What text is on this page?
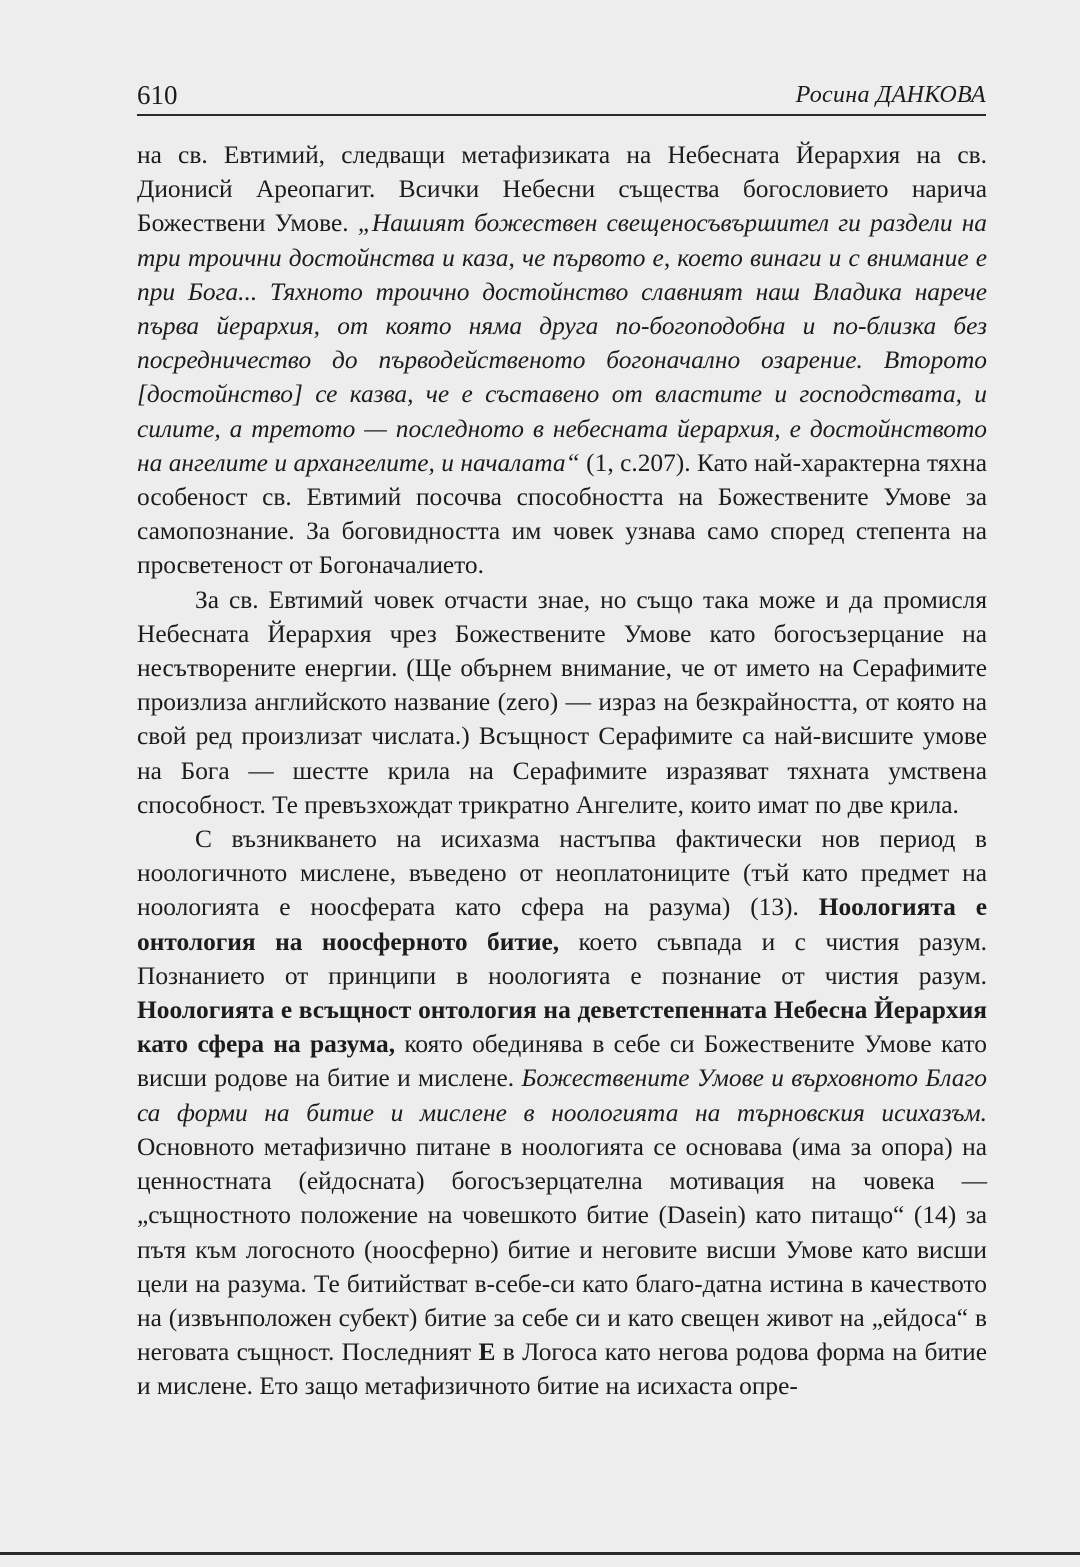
610	Росина ДАНКОВА

на св. Евтимий, следващи метафизиката на Небесната Йерархия на св. Дионисй Ареопагит. Всички Небесни същества богословието нарича Божествени Умове. „Нашият божествен свещеносъвършител ги раздели на три троични достойнства и каза, че първото е, което винаги и с внимание е при Бога... Тяхното троично достойнство славният наш Владика нарече първа йерархия, от която няма друга по-богоподобна и по-близка без посредничество до първодейственото богоначално озарение. Второто [достойнство] се казва, че е съставено от властите и господствата, и силите, а третото — последното в небесната йерархия, е достойнството на ангелите и архангелите, и началата“ (1, с.207). Като най-характерна тяхна особеност св. Евтимий посочва способността на Божествените Умове за самопознание. За боговидността им човек узнава само според степента на просветеност от Богоначалието.

За св. Евтимий човек отчасти знае, но също така може и да промисля Небесната Йерархия чрез Божествените Умове като богосъзерцание на несътворените енергии. (Ще обърнем внимание, че от името на Серафимите произлиза английското название (zero) — израз на безкрайността, от която на свой ред произлизат числата.) Всъщност Серафимите са най-висшите умове на Бога — шестте крила на Серафимите изразяват тяхната умствена способност. Те превъзхождат трикратно Ангелите, които имат по две крила.

С възникването на исихазма настъпва фактически нов период в ноологичното мислене, въведено от неоплатониците (тъй като предмет на ноологията е ноосферата като сфера на разума) (13). Ноологията е онтология на ноосферното битие, което съвпада и с чистия разум. Познанието от принципи в ноологията е познание от чистия разум. Ноологията е всъщност онтология на деветстепенната Небесна Йерархия като сфера на разума, която обединява в себе си Божествените Умове като висши родове на битие и мислене. Божествените Умове и върховното Благо са форми на битие и мислене в ноологията на търновския исихазъм. Основното метафизично питане в ноологията се основава (има за опора) на ценностната (ейдосната) богосъзерцателна мотивация на човека — „същностното положение на човешкото битие (Dasein) като питащо“ (14) за пътя към логосното (ноосферно) битие и неговите висши Умове като висши цели на разума. Те битийстват в-себе-си като благо-датна истина в качеството на (извънположен субект) битие за себе си и като свещен живот на „ейдоса“ в неговата същност. Последният Е в Логоса като негова родова форма на битие и мислене. Ето защо метафизичното битие на исихаста опре-
